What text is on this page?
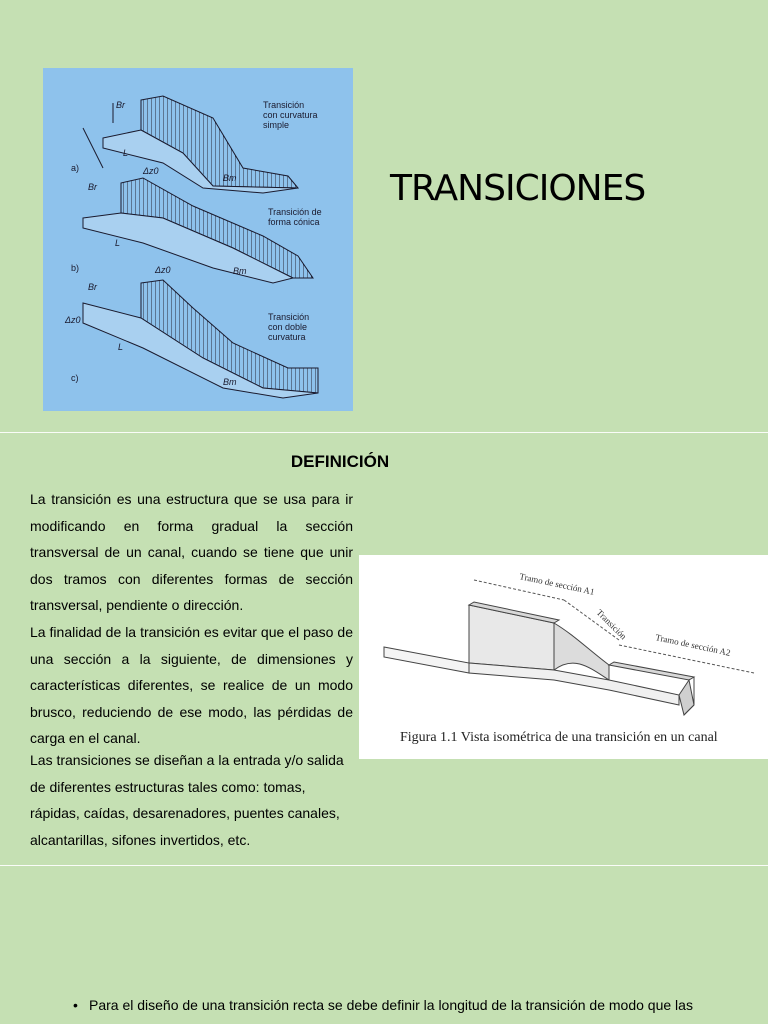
Br
L
Δz0
Bт
a)
Transición con curvatura simple
Br
L
Δz0	Bт
b)
Transición de forma cónica
Br
Δz0
L
Bт
c)
Transición con doble curvatura
TRANSICIONES
DEFINICIÓN

La transición es una estructura que se usa para ir modificando en forma gradual la sección transversal de un canal, cuando se tiene que unir dos tramos con diferentes formas de sección transversal, pendiente o dirección.

La finalidad de la transición es evitar que el paso de una sección a la siguiente, de dimensiones y características diferentes, se realice de un modo brusco, reduciendo de ese modo, las pérdidas de carga en el canal.

Las transiciones se diseñan a la entrada y/o salida de diferentes estructuras tales como: tomas, rápidas, caídas, desarenadores, puentes canales, alcantarillas, sifones invertidos, etc.

Tramo de sección A1
Transición
Tramo de sección A2
Figura 1.1 Vista isométrica de una transición en un canal
• Para el diseño de una transición recta se debe definir la longitud de la transición de modo que las
